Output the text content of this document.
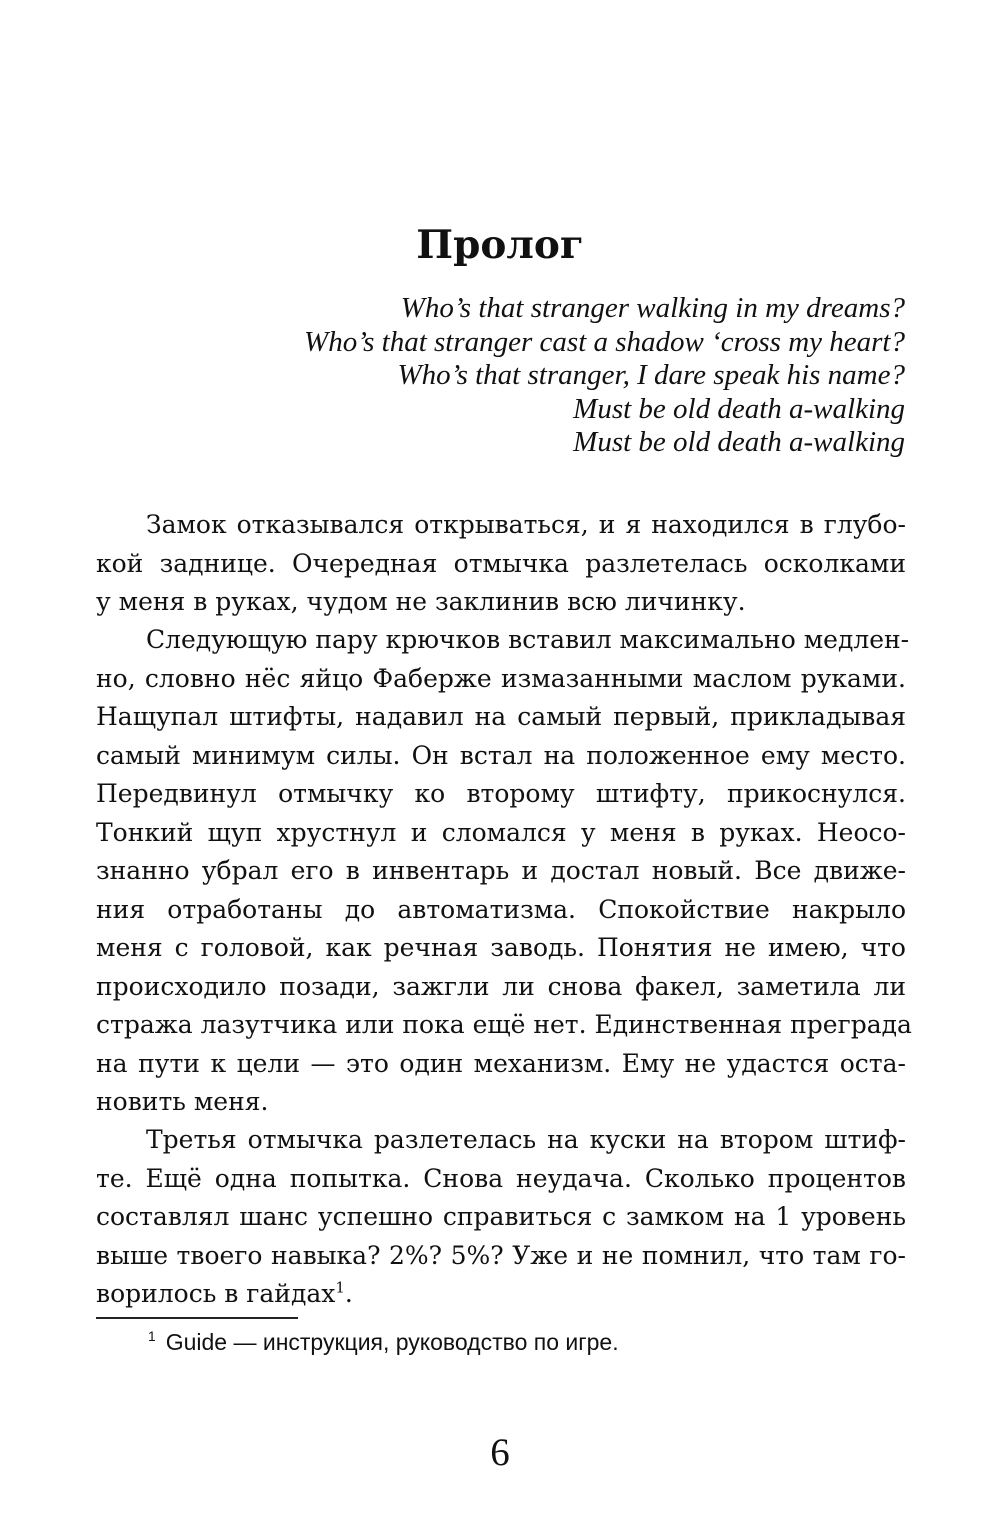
Пролог
Who’s that stranger walking in my dreams?
Who’s that stranger cast a shadow ‘cross my heart?
Who’s that stranger, I dare speak his name?
Must be old death a-walking
Must be old death a-walking
Замок отказывался открываться, и я находился в глубо-
кой заднице. Очередная отмычка разлетелась осколками
у меня в руках, чудом не заклинив всю личинку.
Следующую пару крючков вставил максимально медлен-
но, словно нёс яйцо Фаберже измазанными маслом руками.
Нащупал штифты, надавил на самый первый, прикладывая
самый минимум силы. Он встал на положенное ему место.
Передвинул отмычку ко второму штифту, прикоснулся.
Тонкий щуп хрустнул и сломался у меня в руках. Неосо-
знанно убрал его в инвентарь и достал новый. Все движе-
ния отработаны до автоматизма. Спокойствие накрыло
меня с головой, как речная заводь. Понятия не имею, что
происходило позади, зажгли ли снова факел, заметила ли
стража лазутчика или пока ещё нет. Единственная преграда
на пути к цели — это один механизм. Ему не удастся оста-
новить меня.
Третья отмычка разлетелась на куски на втором штиф-
те. Ещё одна попытка. Снова неудача. Сколько процентов
составлял шанс успешно справиться с замком на 1 уровень
выше твоего навыка? 2%? 5%? Уже и не помнил, что там го-
ворилось в гайдах$^1$.
$^1$ Guide — инструкция, руководство по игре.
6
